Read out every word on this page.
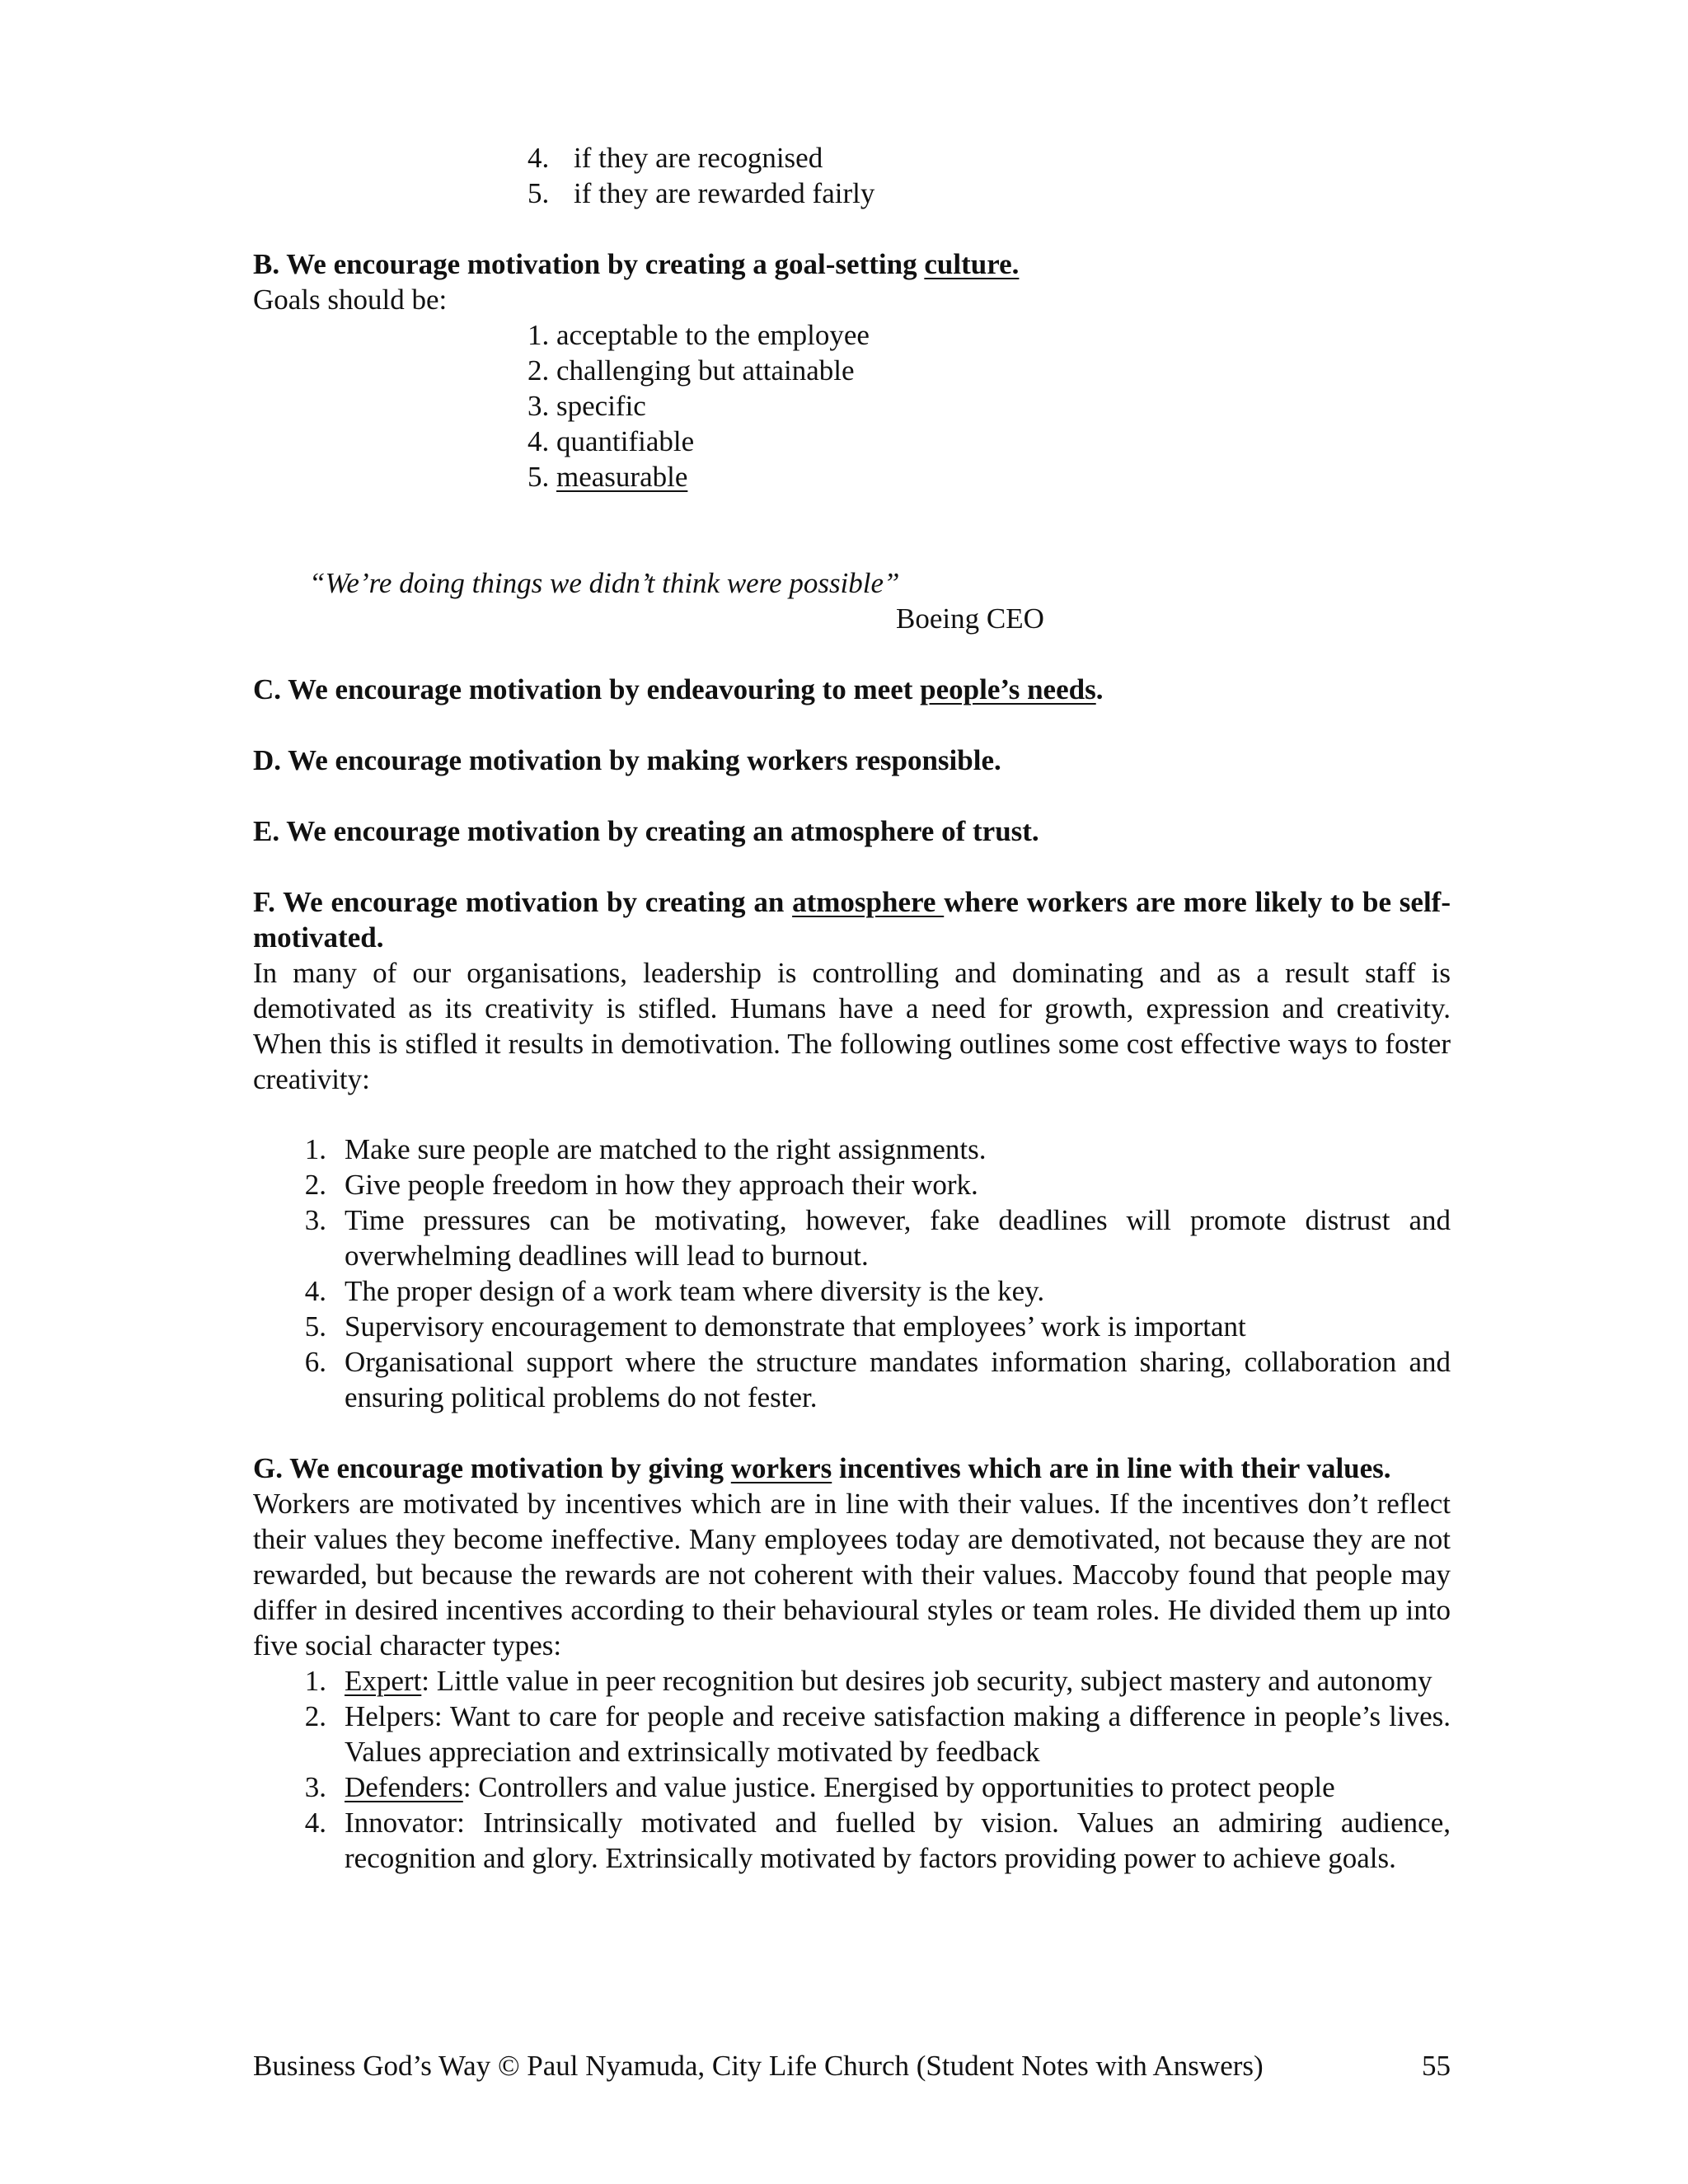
4. if they are recognised
5. if they are rewarded fairly

B. We encourage motivation by creating a goal-setting culture.

Goals should be:

1. acceptable to the employee

2. challenging but attainable

3. specific

4. quantifiable

5. measurable

“We’re doing things we didn’t think were possible”

Boeing CEO

C. We encourage motivation by endeavouring to meet people’s needs.

D. We encourage motivation by making workers responsible.

E. We encourage motivation by creating an atmosphere of trust.

F. We encourage motivation by creating an atmosphere where workers are more likely to be self-motivated.

In many of our organisations, leadership is controlling and dominating and as a result staff is demotivated as its creativity is stifled. Humans have a need for growth, expression and creativity. When this is stifled it results in demotivation. The following outlines some cost effective ways to foster creativity:

1. Make sure people are matched to the right assignments.
2. Give people freedom in how they approach their work.
3. Time pressures can be motivating, however, fake deadlines will promote distrust and overwhelming deadlines will lead to burnout.
4. The proper design of a work team where diversity is the key.
5. Supervisory encouragement to demonstrate that employees’ work is important
6. Organisational support where the structure mandates information sharing, collaboration and ensuring political problems do not fester.

G. We encourage motivation by giving workers incentives which are in line with their values.

Workers are motivated by incentives which are in line with their values. If the incentives don’t reflect their values they become ineffective. Many employees today are demotivated, not because they are not rewarded, but because the rewards are not coherent with their values. Maccoby found that people may differ in desired incentives according to their behavioural styles or team roles. He divided them up into five social character types:

1. Expert: Little value in peer recognition but desires job security, subject mastery and autonomy
2. Helpers: Want to care for people and receive satisfaction making a difference in people’s lives. Values appreciation and extrinsically motivated by feedback
3. Defenders: Controllers and value justice. Energised by opportunities to protect people
4. Innovator: Intrinsically motivated and fuelled by vision. Values an admiring audience, recognition and glory. Extrinsically motivated by factors providing power to achieve goals.
Business God’s Way © Paul Nyamuda, City Life Church (Student Notes with Answers)	55
